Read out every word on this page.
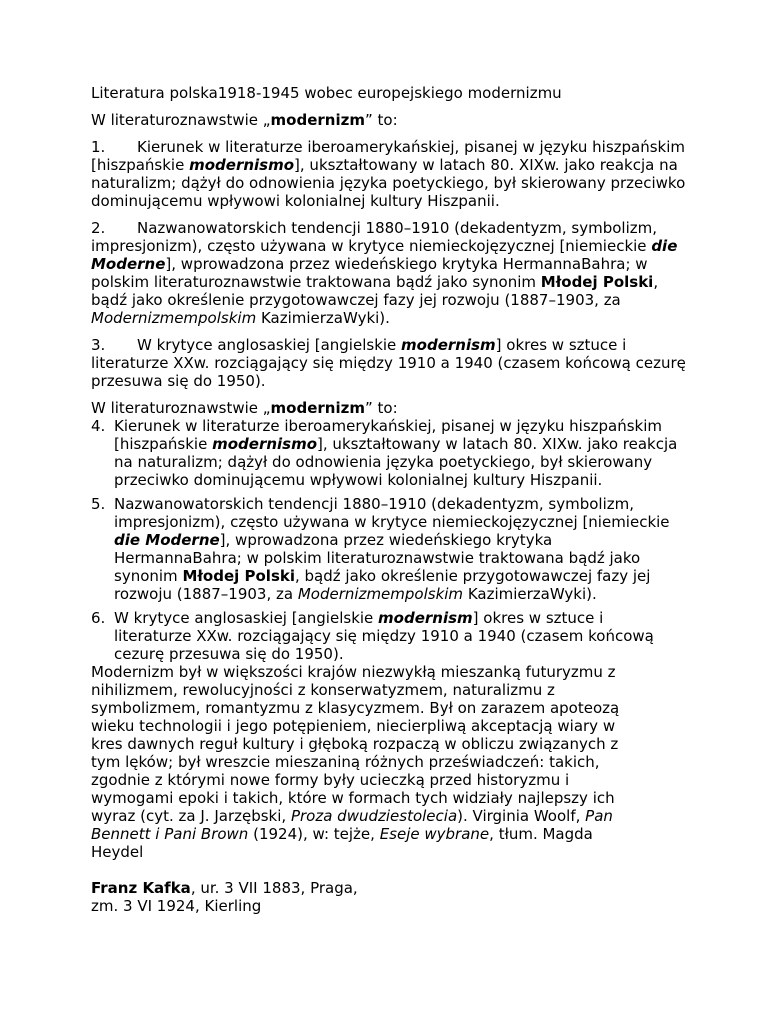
Literatura polska1918-1945 wobec europejskiego modernizmu

W literaturoznawstwie „modernizm” to:

1. Kierunek w literaturze iberoamerykańskiej, pisanej w języku hiszpańskim [hiszpańskie modernismo], ukształtowany w latach 80. XIXw. jako reakcja na naturalizm; dążył do odnowienia języka poetyckiego, był skierowany przeciwko dominującemu wpływowi kolonialnej kultury Hiszpanii.
2. Nazwanowatorskich tendencji 1880–1910 (dekadentyzm, symbolizm, impresjonizm), często używana w krytyce niemieckojęzycznej [niemieckie die Moderne], wprowadzona przez wiedeńskiego krytyka HermannaBahra; w polskim literaturoznawstwie traktowana bądź jako synonim Młodej Polski, bądź jako określenie przygotowawczej fazy jej rozwoju (1887–1903, za Modernizmempolskim KazimierzaWyki).
3. W krytyce anglosaskiej [angielskie modernism] okres w sztuce i literaturze XXw. rozciągający się między 1910 a 1940 (czasem końcową cezurę przesuwa się do 1950).

W literaturoznawstwie „modernizm” to:

4. Kierunek w literaturze iberoamerykańskiej, pisanej w języku hiszpańskim [hiszpańskie modernismo], ukształtowany w latach 80. XIXw. jako reakcja na naturalizm; dążył do odnowienia języka poetyckiego, był skierowany przeciwko dominującemu wpływowi kolonialnej kultury Hiszpanii.
5. Nazwanowatorskich tendencji 1880–1910 (dekadentyzm, symbolizm, impresjonizm), często używana w krytyce niemieckojęzycznej [niemieckie die Moderne], wprowadzona przez wiedeńskiego krytyka HermannaBahra; w polskim literaturoznawstwie traktowana bądź jako synonim Młodej Polski, bądź jako określenie przygotowawczej fazy jej rozwoju (1887–1903, za Modernizmempolskim KazimierzaWyki).
6. W krytyce anglosaskiej [angielskie modernism] okres w sztuce i literaturze XXw. rozciągający się między 1910 a 1940 (czasem końcową cezurę przesuwa się do 1950).

Modernizm był w większości krajów niezwykłą mieszanką futuryzmu z nihilizmem, rewolucyjności z konserwatyzmem, naturalizmu z symbolizmem, romantyzmu z klasycyzmem. Był on zarazem apoteozą wieku technologii i jego potępieniem, niecierpliwą akceptacją wiary w kres dawnych reguł kultury i głęboką rozpaczą w obliczu związanych z tym lęków; był wreszcie mieszaniną różnych przeświadczeń: takich, zgodnie z którymi nowe formy były ucieczką przed historyzmu i wymogami epoki i takich, które w formach tych widziały najlepszy ich wyraz (cyt. za J. Jarzębski, Proza dwudziestolecia). Virginia Woolf, Pan Bennett i Pani Brown (1924), w: tejże, Eseje wybrane, tłum. Magda Heydel

Franz Kafka, ur. 3 VII 1883, Praga,
zm. 3 VI 1924, Kierling
